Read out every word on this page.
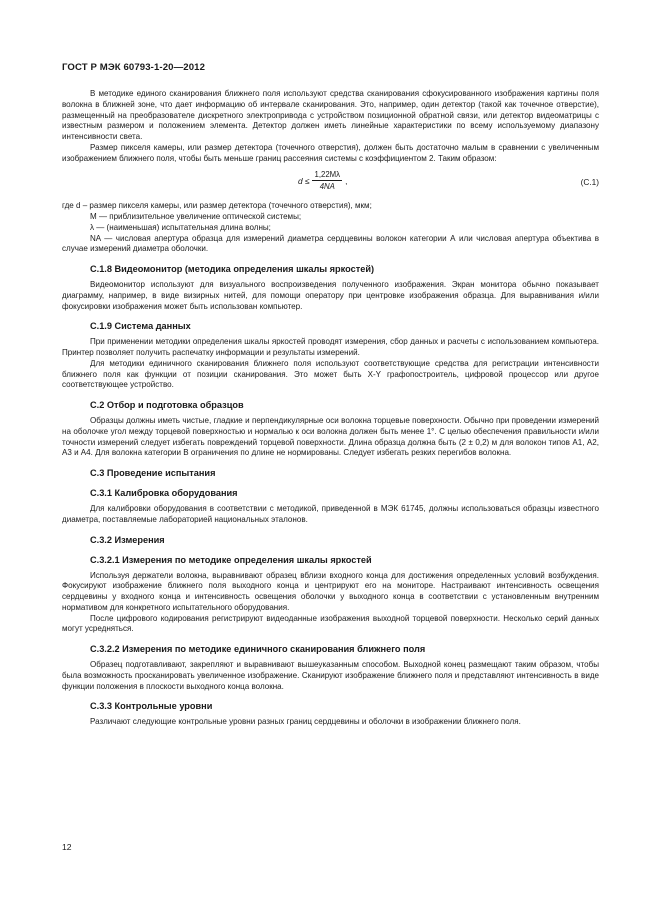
ГОСТ Р МЭК 60793-1-20—2012

В методике единого сканирования ближнего поля используют средства сканирования сфокусированного изображения картины поля волокна в ближней зоне, что дает информацию об интервале сканирования. Это, например, один детектор (такой как точечное отверстие), размещенный на преобразователе дискретного электропривода с устройством позиционной обратной связи, или детектор видеоматрицы с известным размером и положением элемента. Детектор должен иметь линейные характеристики по всему используемому диапазону интенсивности света.

Размер пикселя камеры, или размер детектора (точечного отверстия), должен быть достаточно малым в сравнении с увеличенным изображением ближнего поля, чтобы быть меньше границ рассеяния системы с коэффициентом 2. Таким образом:

$d \le \frac{1,22M\lambda}{4NA}$ ,	(С.1)

где d – размер пикселя камеры, или размер детектора (точечного отверстия), мкм;

M — приблизительное увеличение оптической системы;

λ — (наименьшая) испытательная длина волны;

NA — числовая апертура образца для измерений диаметра сердцевины волокон категории А или числовая апертура объектива в случае измерений диаметра оболочки.

С.1.8 Видеомонитор (методика определения шкалы яркостей)

Видеомонитор используют для визуального воспроизведения полученного изображения. Экран монитора обычно показывает диаграмму, например, в виде визирных нитей, для помощи оператору при центровке изображения образца. Для выравнивания и/или фокусировки изображения может быть использован компьютер.

С.1.9 Система данных

При применении методики определения шкалы яркостей проводят измерения, сбор данных и расчеты с использованием компьютера. Принтер позволяет получить распечатку информации и результаты измерений.

Для методики единичного сканирования ближнего поля используют соответствующие средства для регистрации интенсивности ближнего поля как функции от позиции сканирования. Это может быть X-Y графопостроитель, цифровой процессор или другое соответствующее устройство.

С.2 Отбор и подготовка образцов

Образцы должны иметь чистые, гладкие и перпендикулярные оси волокна торцевые поверхности. Обычно при проведении измерений на оболочке угол между торцевой поверхностью и нормалью к оси волокна должен быть менее 1°. С целью обеспечения правильности и/или точности измерений следует избегать повреждений торцевой поверхности. Длина образца должна быть (2 ± 0,2) м для волокон типов А1, А2, А3 и А4. Для волокна категории В ограничения по длине не нормированы. Следует избегать резких перегибов волокна.

С.3 Проведение испытания
С.3.1 Калибровка оборудования

Для калибровки оборудования в соответствии с методикой, приведенной в МЭК 61745, должны использоваться образцы известного диаметра, поставляемые лабораторией национальных эталонов.

С.3.2 Измерения
С.3.2.1 Измерения по методике определения шкалы яркостей

Используя держатели волокна, выравнивают образец вблизи входного конца для достижения определенных условий возбуждения. Фокусируют изображение ближнего поля выходного конца и центрируют его на мониторе. Настраивают интенсивность освещения сердцевины у входного конца и интенсивность освещения оболочки у выходного конца в соответствии с установленным внутренним нормативом для конкретного испытательного оборудования.

После цифрового кодирования регистрируют видеоданные изображения выходной торцевой поверхности. Несколько серий данных могут усредняться.

С.3.2.2 Измерения по методике единичного сканирования ближнего поля

Образец подготавливают, закрепляют и выравнивают вышеуказанным способом. Выходной конец размещают таким образом, чтобы была возможность просканировать увеличенное изображение. Сканируют изображение ближнего поля и представляют интенсивность в виде функции положения в плоскости выходного конца волокна.

С.3.3 Контрольные уровни

Различают следующие контрольные уровни разных границ сердцевины и оболочки в изображении ближнего поля.

12
